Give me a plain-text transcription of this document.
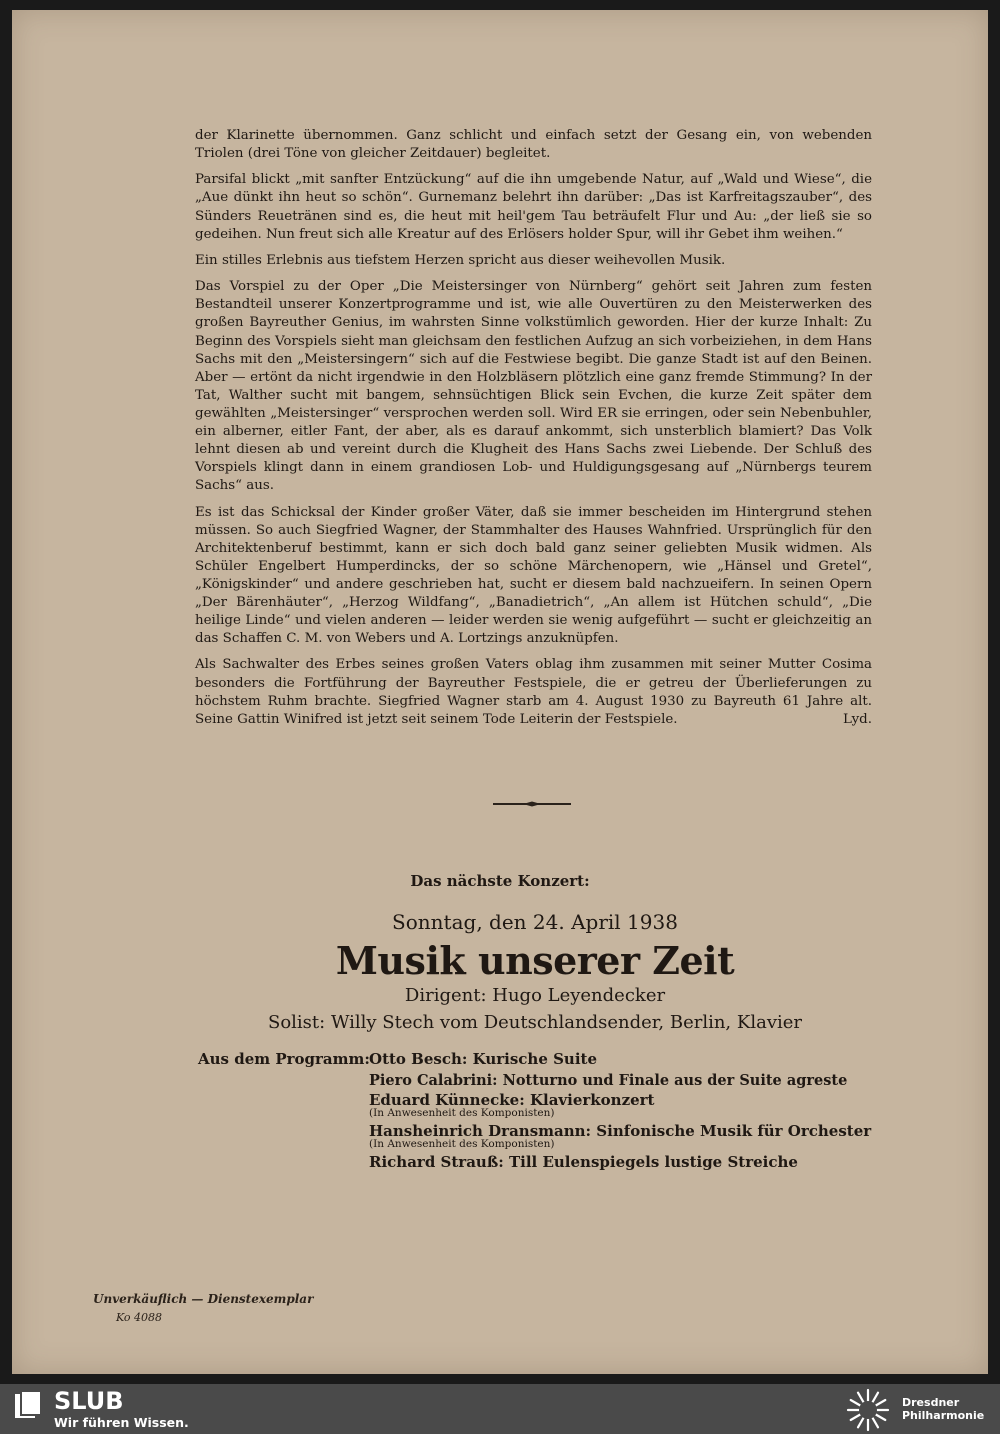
der Klarinette übernommen. Ganz schlicht und einfach setzt der Gesang ein, von webenden Triolen (drei Töne von gleicher Zeitdauer) begleitet.

Parsifal blickt „mit sanfter Entzückung“ auf die ihn umgebende Natur, auf „Wald und Wiese“, die „Aue dünkt ihn heut so schön“. Gurnemanz belehrt ihn darüber: „Das ist Karfreitagszauber“, des Sünders Reuetränen sind es, die heut mit heil'gem Tau beträufelt Flur und Au: „der ließ sie so gedeihen. Nun freut sich alle Kreatur auf des Erlösers holder Spur, will ihr Gebet ihm weihen.“

Ein stilles Erlebnis aus tiefstem Herzen spricht aus dieser weihevollen Musik.

Das Vorspiel zu der Oper „Die Meistersinger von Nürnberg“ gehört seit Jahren zum festen Bestandteil unserer Konzertprogramme und ist, wie alle Ouvertüren zu den Meisterwerken des großen Bayreuther Genius, im wahrsten Sinne volkstümlich geworden. Hier der kurze Inhalt: Zu Beginn des Vorspiels sieht man gleichsam den festlichen Aufzug an sich vorbeiziehen, in dem Hans Sachs mit den „Meistersingern“ sich auf die Festwiese begibt. Die ganze Stadt ist auf den Beinen. Aber — ertönt da nicht irgendwie in den Holzbläsern plötzlich eine ganz fremde Stimmung? In der Tat, Walther sucht mit bangem, sehnsüchtigen Blick sein Evchen, die kurze Zeit später dem gewählten „Meistersinger“ versprochen werden soll. Wird ER sie erringen, oder sein Nebenbuhler, ein alberner, eitler Fant, der aber, als es darauf ankommt, sich unsterblich blamiert? Das Volk lehnt diesen ab und vereint durch die Klugheit des Hans Sachs zwei Liebende. Der Schluß des Vorspiels klingt dann in einem grandiosen Lob- und Huldigungsgesang auf „Nürnbergs teurem Sachs“ aus.

Es ist das Schicksal der Kinder großer Väter, daß sie immer bescheiden im Hintergrund stehen müssen. So auch Siegfried Wagner, der Stammhalter des Hauses Wahnfried. Ursprünglich für den Architektenberuf bestimmt, kann er sich doch bald ganz seiner geliebten Musik widmen. Als Schüler Engelbert Humperdincks, der so schöne Märchenopern, wie „Hänsel und Gretel“, „Königskinder“ und andere geschrieben hat, sucht er diesem bald nachzueifern. In seinen Opern „Der Bärenhäuter“, „Herzog Wildfang“, „Banadietrich“, „An allem ist Hütchen schuld“, „Die heilige Linde“ und vielen anderen — leider werden sie wenig aufgeführt — sucht er gleichzeitig an das Schaffen C. M. von Webers und A. Lortzings anzuknüpfen.

Als Sachwalter des Erbes seines großen Vaters oblag ihm zusammen mit seiner Mutter Cosima besonders die Fortführung der Bayreuther Festspiele, die er getreu der Überlieferungen zu höchstem Ruhm brachte. Siegfried Wagner starb am 4. August 1930 zu Bayreuth 61 Jahre alt. Seine Gattin Winifred ist jetzt seit seinem Tode Leiterin der Festspiele.	Lyd.

Das nächste Konzert:
Sonntag, den 24. April 1938
Musik unserer Zeit
Dirigent: Hugo Leyendecker
Solist: Willy Stech vom Deutschlandsender, Berlin, Klavier
Aus dem Programm: Otto Besch: Kurische Suite
Piero Calabrini: Notturno und Finale aus der Suite agreste
Eduard Künnecke: Klavierkonzert
(In Anwesenheit des Komponisten)
Hansheinrich Dransmann: Sinfonische Musik für Orchester
(In Anwesenheit des Komponisten)
Richard Strauß: Till Eulenspiegels lustige Streiche
Unverkäuflich — Dienstexemplar
Ko 4088
SLUB
Wir führen Wissen.
Dresdner
Philharmonie
